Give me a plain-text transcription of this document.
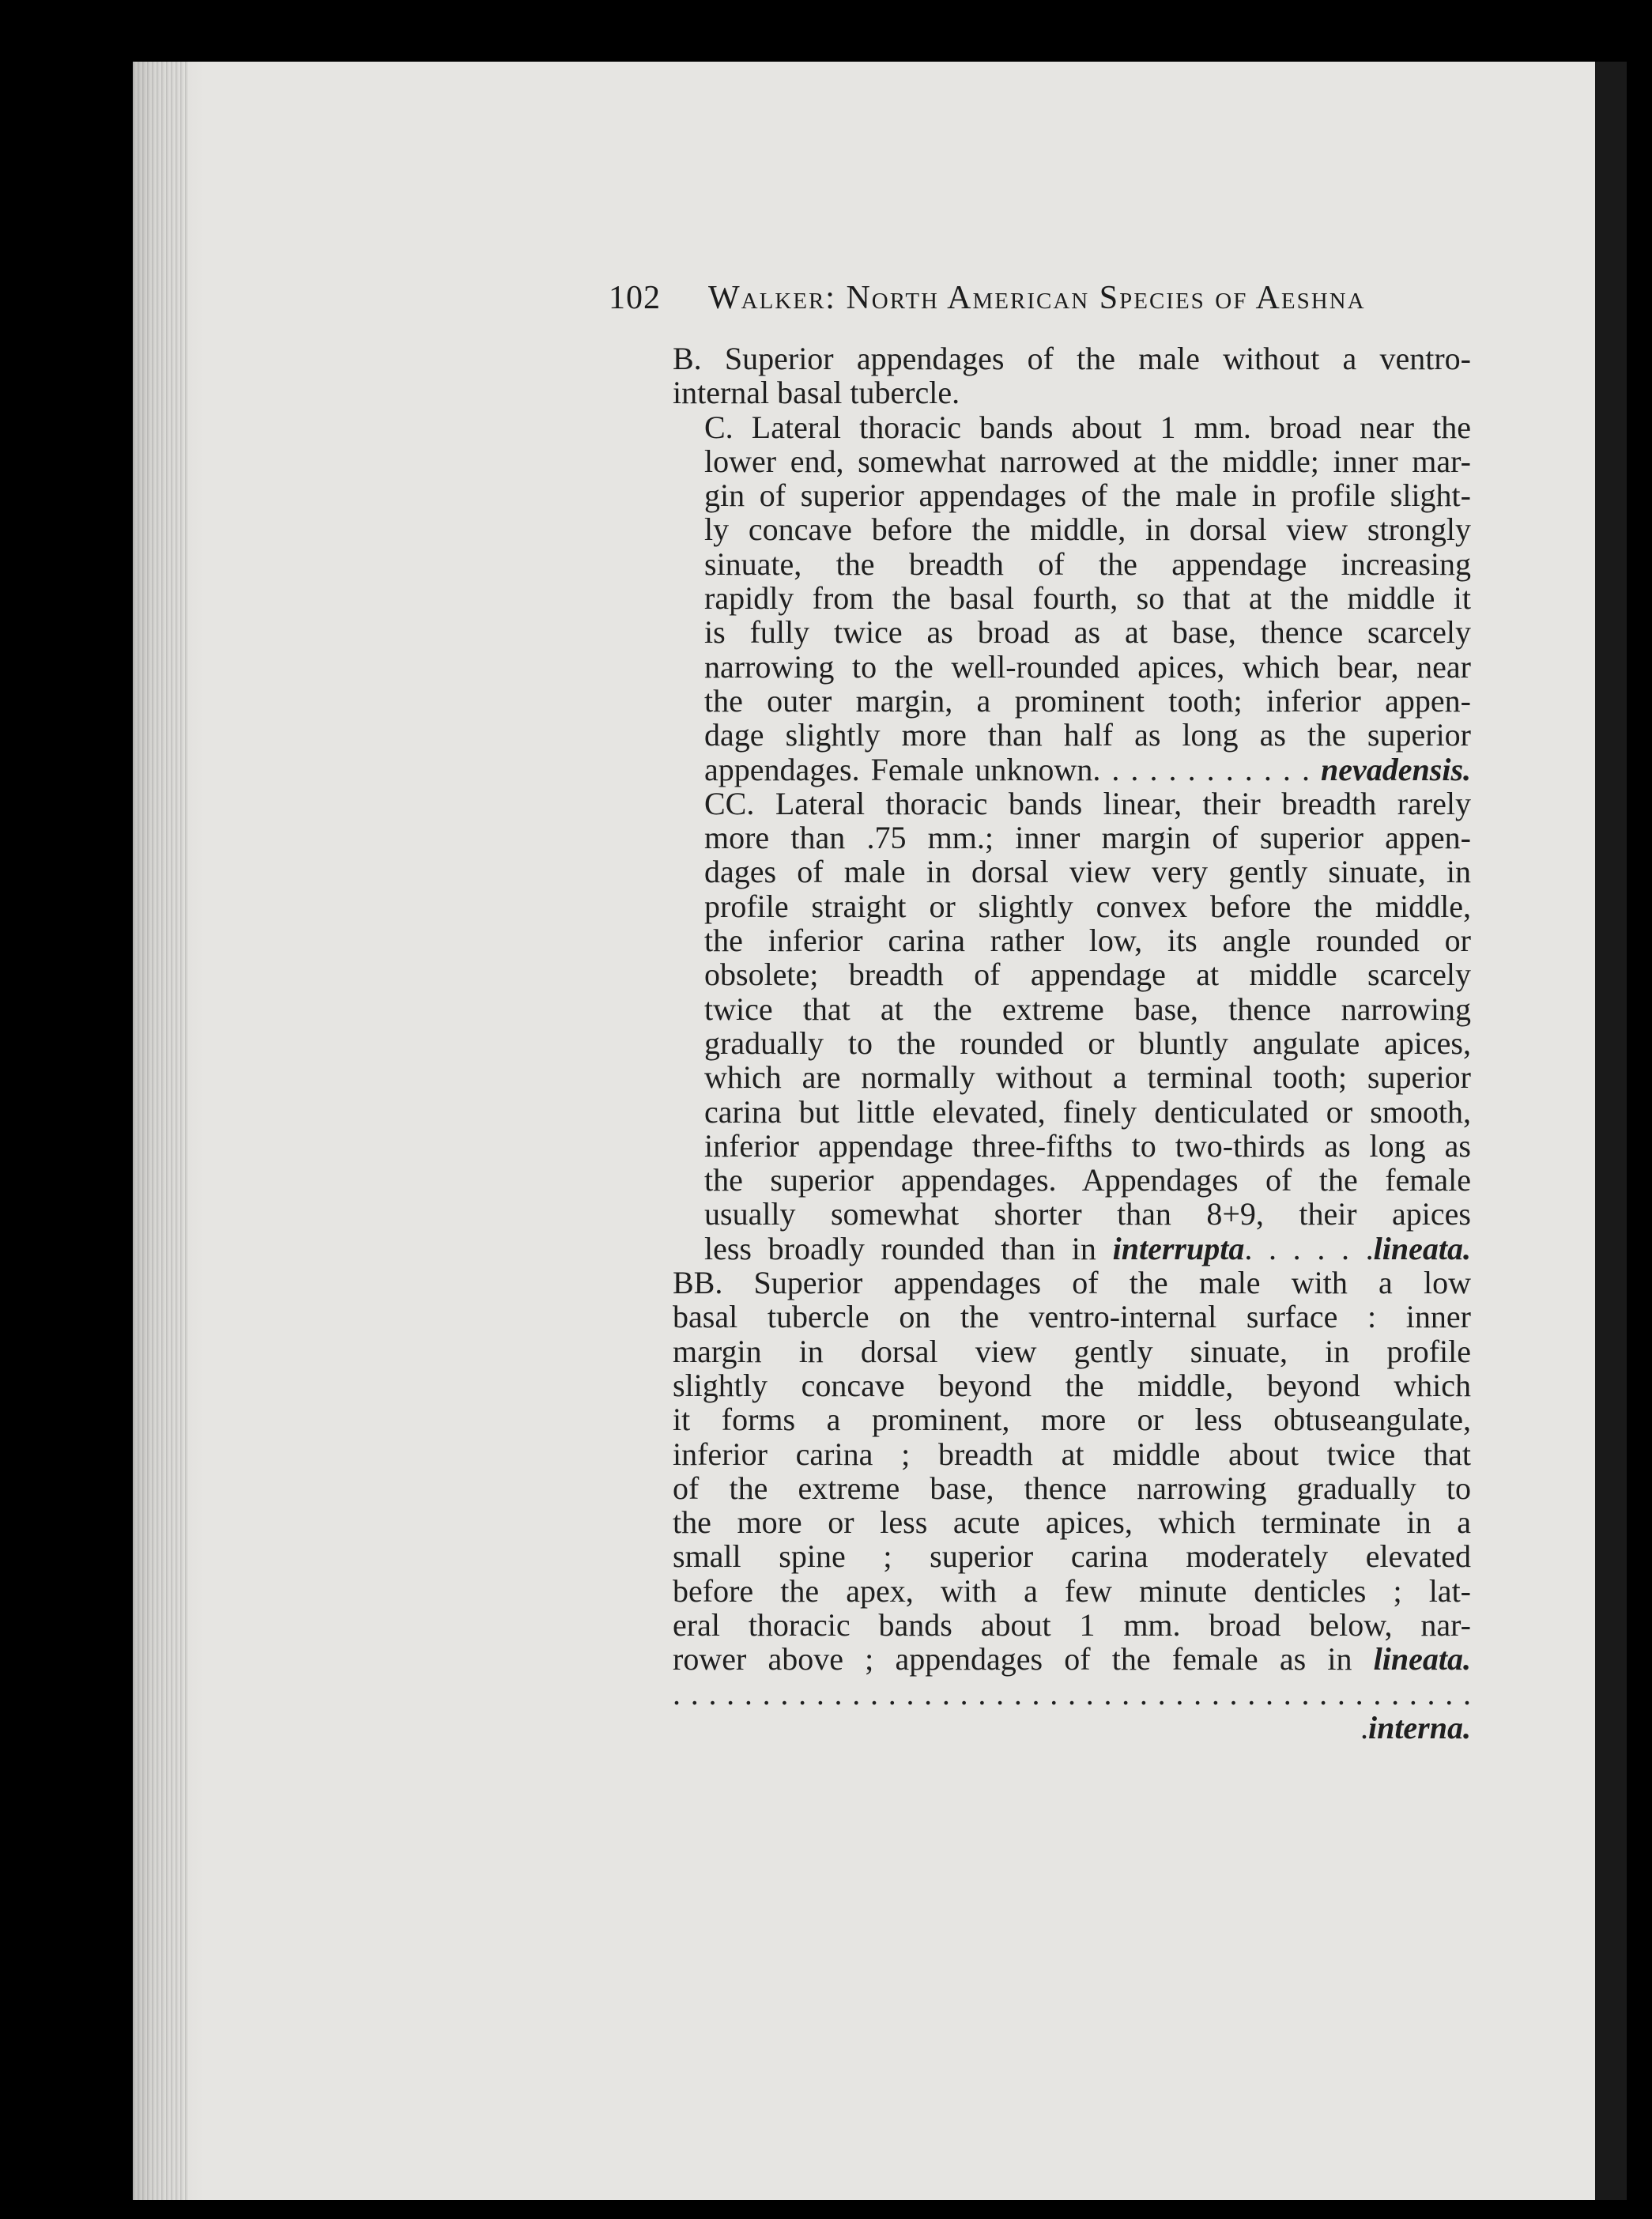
102 Walker: North American Species of Aeshna
B. Superior appendages of the male without a ventro-
internal basal tubercle.
C. Lateral thoracic bands about 1 mm. broad near the
lower end, somewhat narrowed at the middle; inner mar-
gin of superior appendages of the male in profile slight-
ly concave before the middle, in dorsal view strongly
sinuate, the breadth of the appendage increasing
rapidly from the basal fourth, so that at the middle it
is fully twice as broad as at base, thence scarcely
narrowing to the well-rounded apices, which bear, near
the outer margin, a prominent tooth; inferior appen-
dage slightly more than half as long as the superior
appendages. Female unknown. . . . . . . . . . . . nevadensis.
CC. Lateral thoracic bands linear, their breadth rarely
more than .75 mm.; inner margin of superior appen-
dages of male in dorsal view very gently sinuate, in
profile straight or slightly convex before the middle,
the inferior carina rather low, its angle rounded or
obsolete; breadth of appendage at middle scarcely
twice that at the extreme base, thence narrowing
gradually to the rounded or bluntly angulate apices,
which are normally without a terminal tooth; superior
carina but little elevated, finely denticulated or smooth,
inferior appendage three-fifths to two-thirds as long as
the superior appendages. Appendages of the female
usually somewhat shorter than 8+9, their apices
less broadly rounded than in interrupta. . . . . .lineata.
BB. Superior appendages of the male with a low
basal tubercle on the ventro-internal surface : inner
margin in dorsal view gently sinuate, in profile
slightly concave beyond the middle, beyond which
it forms a prominent, more or less obtuseangulate,
inferior carina ; breadth at middle about twice that
of the extreme base, thence narrowing gradually to
the more or less acute apices, which terminate in a
small spine ; superior carina moderately elevated
before the apex, with a few minute denticles ; lat-
eral thoracic bands about 1 mm. broad below, nar-
rower above ; appendages of the female as in lineata.
. . . . . . . . . . . . . . . . . . . . . . . . . . . . . . . . . . . . . . . . . . . . . .interna.
